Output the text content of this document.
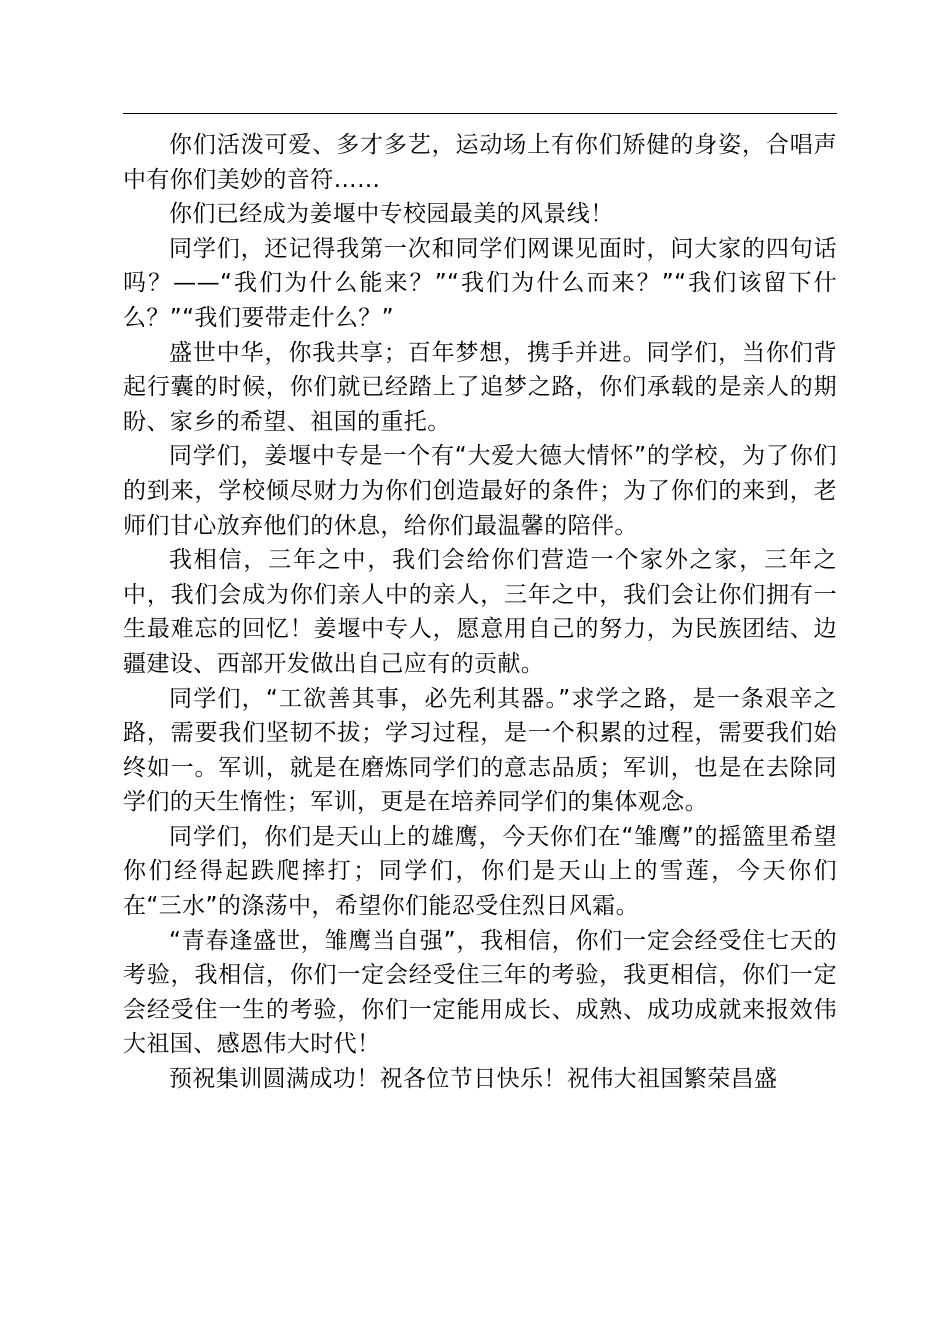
你们活泼可爱、多才多艺，运动场上有你们矫健的身姿，合唱声中有你们美妙的音符……

你们已经成为姜堰中专校园最美的风景线！

同学们，还记得我第一次和同学们网课见面时，问大家的四句话吗？——“我们为什么能来？”“我们为什么而来？”“我们该留下什么？”“我们要带走什么？”

盛世中华，你我共享；百年梦想，携手并进。同学们，当你们背起行囊的时候，你们就已经踏上了追梦之路，你们承载的是亲人的期盼、家乡的希望、祖国的重托。

同学们，姜堰中专是一个有“大爱大德大情怀”的学校，为了你们的到来，学校倾尽财力为你们创造最好的条件；为了你们的来到，老师们甘心放弃他们的休息，给你们最温馨的陪伴。

我相信，三年之中，我们会给你们营造一个家外之家，三年之中，我们会成为你们亲人中的亲人，三年之中，我们会让你们拥有一生最难忘的回忆！姜堰中专人，愿意用自己的努力，为民族团结、边疆建设、西部开发做出自己应有的贡献。

同学们，“工欲善其事，必先利其器。”求学之路，是一条艰辛之路，需要我们坚韧不拔；学习过程，是一个积累的过程，需要我们始终如一。军训，就是在磨炼同学们的意志品质；军训，也是在去除同学们的天生惰性；军训，更是在培养同学们的集体观念。

同学们，你们是天山上的雄鹰，今天你们在“雏鹰”的摇篮里希望你们经得起跌爬摔打；同学们，你们是天山上的雪莲，今天你们在“三水”的涤荡中，希望你们能忍受住烈日风霜。

“青春逢盛世，雏鹰当自强”，我相信，你们一定会经受住七天的考验，我相信，你们一定会经受住三年的考验，我更相信，你们一定会经受住一生的考验，你们一定能用成长、成熟、成功成就来报效伟大祖国、感恩伟大时代！

预祝集训圆满成功！祝各位节日快乐！祝伟大祖国繁荣昌盛
